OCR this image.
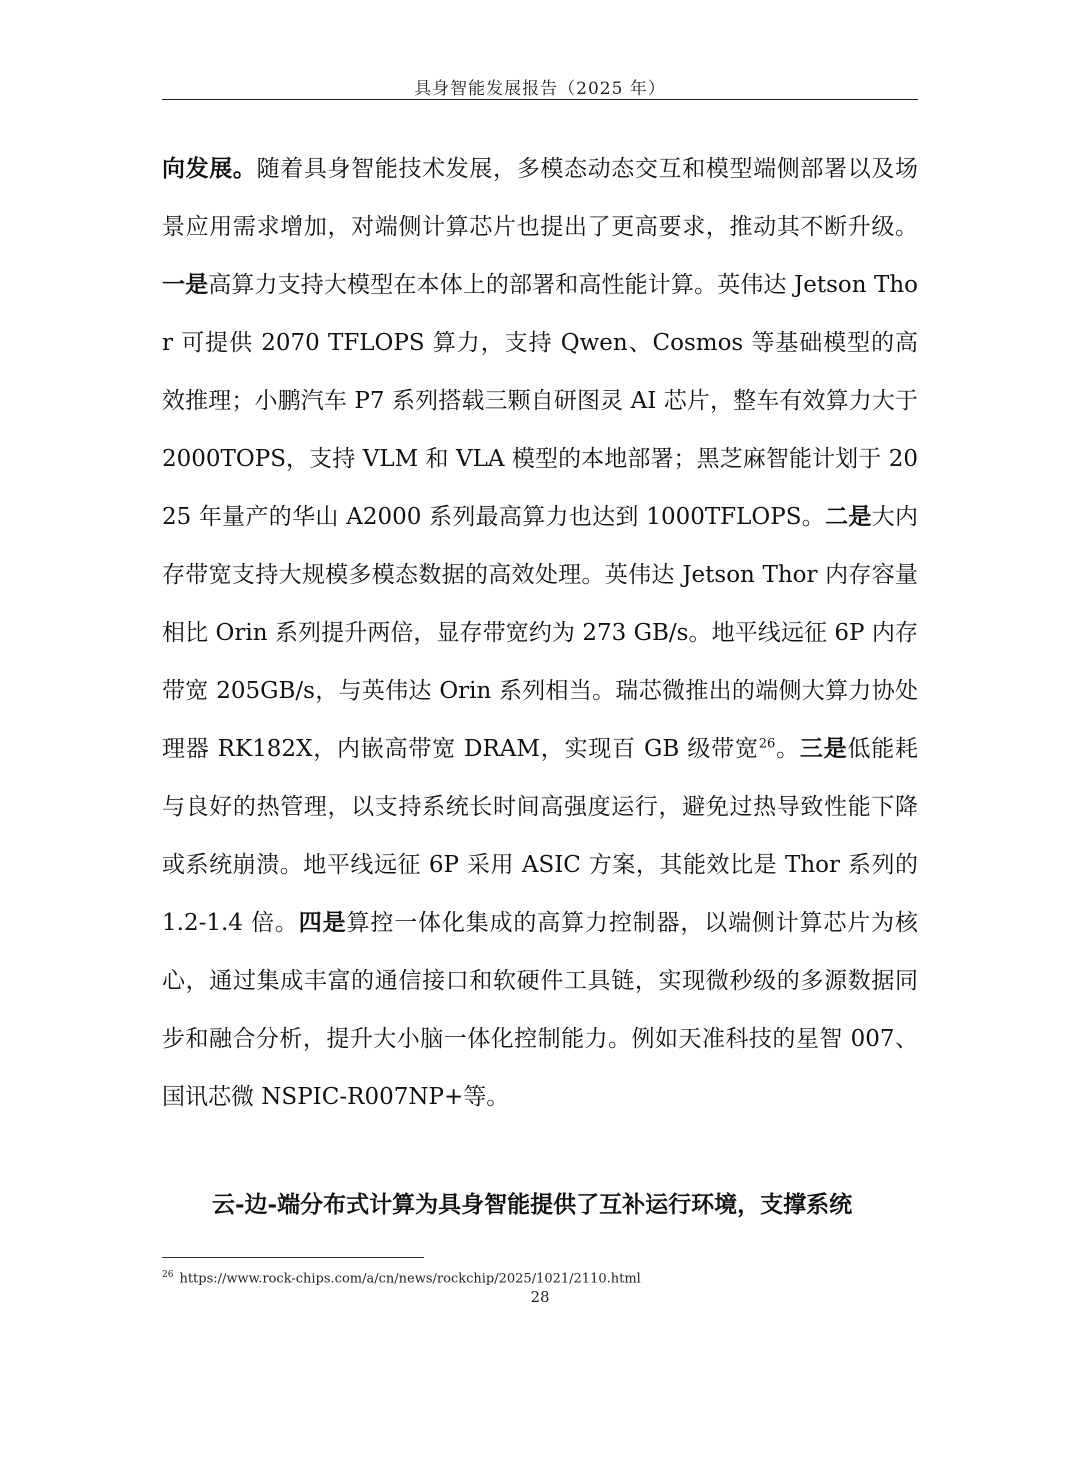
具身智能发展报告（2025 年）
向发展。随着具身智能技术发展，多模态动态交互和模型端侧部署以及场景应用需求增加，对端侧计算芯片也提出了更高要求，推动其不断升级。一是高算力支持大模型在本体上的部署和高性能计算。英伟达 Jetson Thor 可提供 2070 TFLOPS 算力，支持 Qwen、Cosmos 等基础模型的高效推理；小鹏汽车 P7 系列搭载三颗自研图灵 AI 芯片，整车有效算力大于 2000TOPS，支持 VLM 和 VLA 模型的本地部署；黑芝麻智能计划于 2025 年量产的华山 A2000 系列最高算力也达到 1000TFLOPS。二是大内存带宽支持大规模多模态数据的高效处理。英伟达 Jetson Thor 内存容量相比 Orin 系列提升两倍，显存带宽约为 273 GB/s。地平线远征 6P 内存带宽 205GB/s，与英伟达 Orin 系列相当。瑞芯微推出的端侧大算力协处理器 RK182X，内嵌高带宽 DRAM，实现百 GB 级带宽$^{26}$。三是低能耗与良好的热管理，以支持系统长时间高强度运行，避免过热导致性能下降或系统崩溃。地平线远征 6P 采用 ASIC 方案，其能效比是 Thor 系列的 1.2-1.4 倍。四是算控一体化集成的高算力控制器，以端侧计算芯片为核心，通过集成丰富的通信接口和软硬件工具链，实现微秒级的多源数据同步和融合分析，提升大小脑一体化控制能力。例如天准科技的星智 007、国讯芯微 NSPIC-R007NP+等。
云-边-端分布式计算为具身智能提供了互补运行环境，支撑系统
$^{26}$ https://www.rock-chips.com/a/cn/news/rockchip/2025/1021/2110.html
28
